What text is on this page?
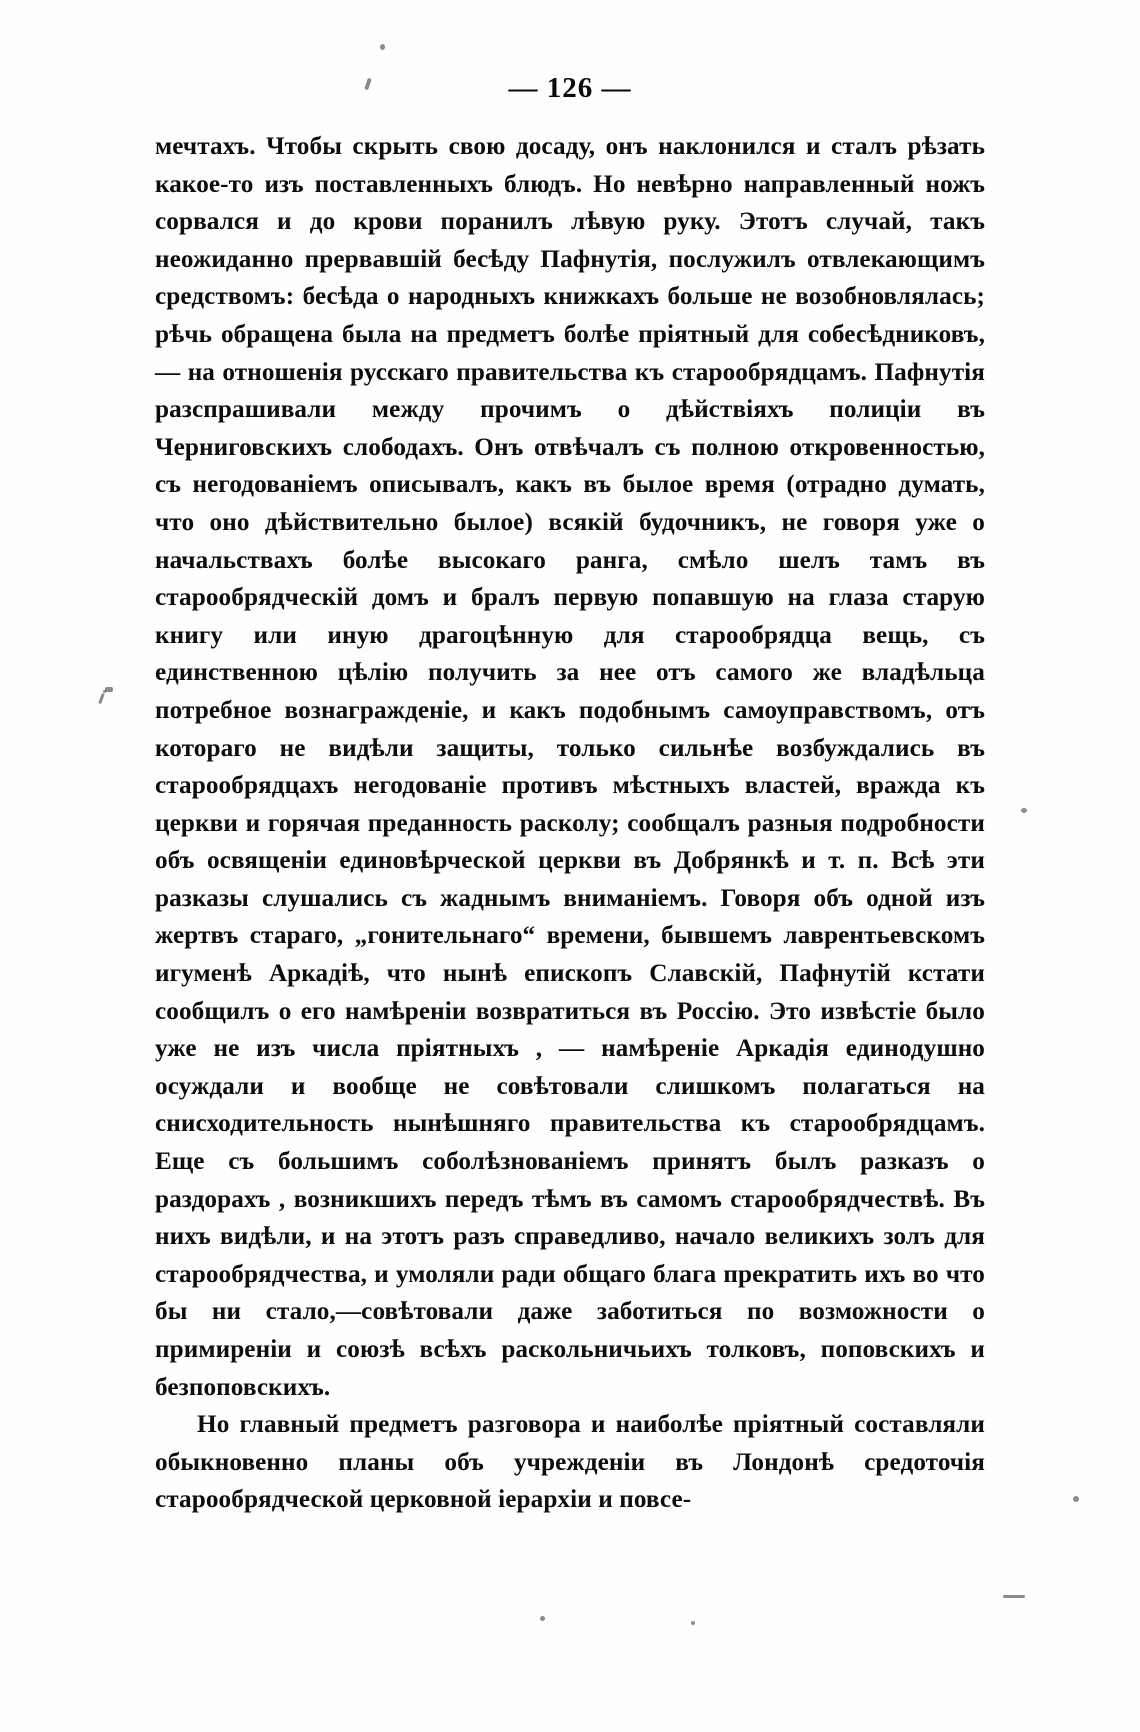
— 126 —

мечтахъ. Чтобы скрыть свою досаду, онъ наклонился и сталъ рѣзать какое-то изъ поставленныхъ блюдъ. Но невѣрно направленный ножъ сорвался и до крови поранилъ лѣвую руку. Этотъ случай, такъ неожиданно прервавшій бесѣду Пафнутія, послужилъ отвлекающимъ средствомъ: бесѣда о народныхъ книжкахъ больше не возобновлялась; рѣчь обращена была на предметъ болѣе пріятный для собесѣдниковъ, — на отношенія русскаго правительства къ старообрядцамъ. Пафнутія разспрашивали между прочимъ о дѣйствіяхъ полиціи въ Черниговскихъ слободахъ. Онъ отвѣчалъ съ полною откровенностью, съ негодованіемъ описывалъ, какъ въ былое время (отрадно думать, что оно дѣйствительно былое) всякій будочникъ, не говоря уже о начальствахъ болѣе высокаго ранга, смѣло шелъ тамъ въ старообрядческій домъ и бралъ первую попавшую на глаза старую книгу или иную драгоцѣнную для старообрядца вещь, съ единственною цѣлію получить за нее отъ самого же владѣльца потребное вознагражденіе, и какъ подобнымъ самоуправствомъ, отъ котораго не видѣли защиты, только сильнѣе возбуждались въ старообрядцахъ негодованіе противъ мѣстныхъ властей, вражда къ церкви и горячая преданность расколу; сообщалъ разныя подробности объ освященіи единовѣрческой церкви въ Добрянкѣ и т. п. Всѣ эти разказы слушались съ жаднымъ вниманіемъ. Говоря объ одной изъ жертвъ стараго, „гонительнаго“ времени, бывшемъ лаврентьевскомъ игуменѣ Аркадіѣ, что нынѣ епископъ Славскій, Пафнутій кстати сообщилъ о его намѣреніи возвратиться въ Россію. Это извѣстіе было уже не изъ числа пріятныхъ , — намѣреніе Аркадія единодушно осуждали и вообще не совѣтовали слишкомъ полагаться на снисходительность нынѣшняго правительства къ старообрядцамъ. Еще съ большимъ соболѣзнованіемъ принятъ былъ разказъ о раздорахъ , возникшихъ передъ тѣмъ въ самомъ старообрядчествѣ. Въ нихъ видѣли, и на этотъ разъ справедливо, начало великихъ золъ для старообрядчества, и умоляли ради общаго блага прекратить ихъ во что бы ни стало,—совѣтовали даже заботиться по возможности о примиреніи и союзѣ всѣхъ раскольничьихъ толковъ, поповскихъ и безпоповскихъ.

Но главный предметъ разговора и наиболѣе пріятный составляли обыкновенно планы объ учрежденіи въ Лондонѣ средоточія старообрядческой церковной іерархіи и повсе-
